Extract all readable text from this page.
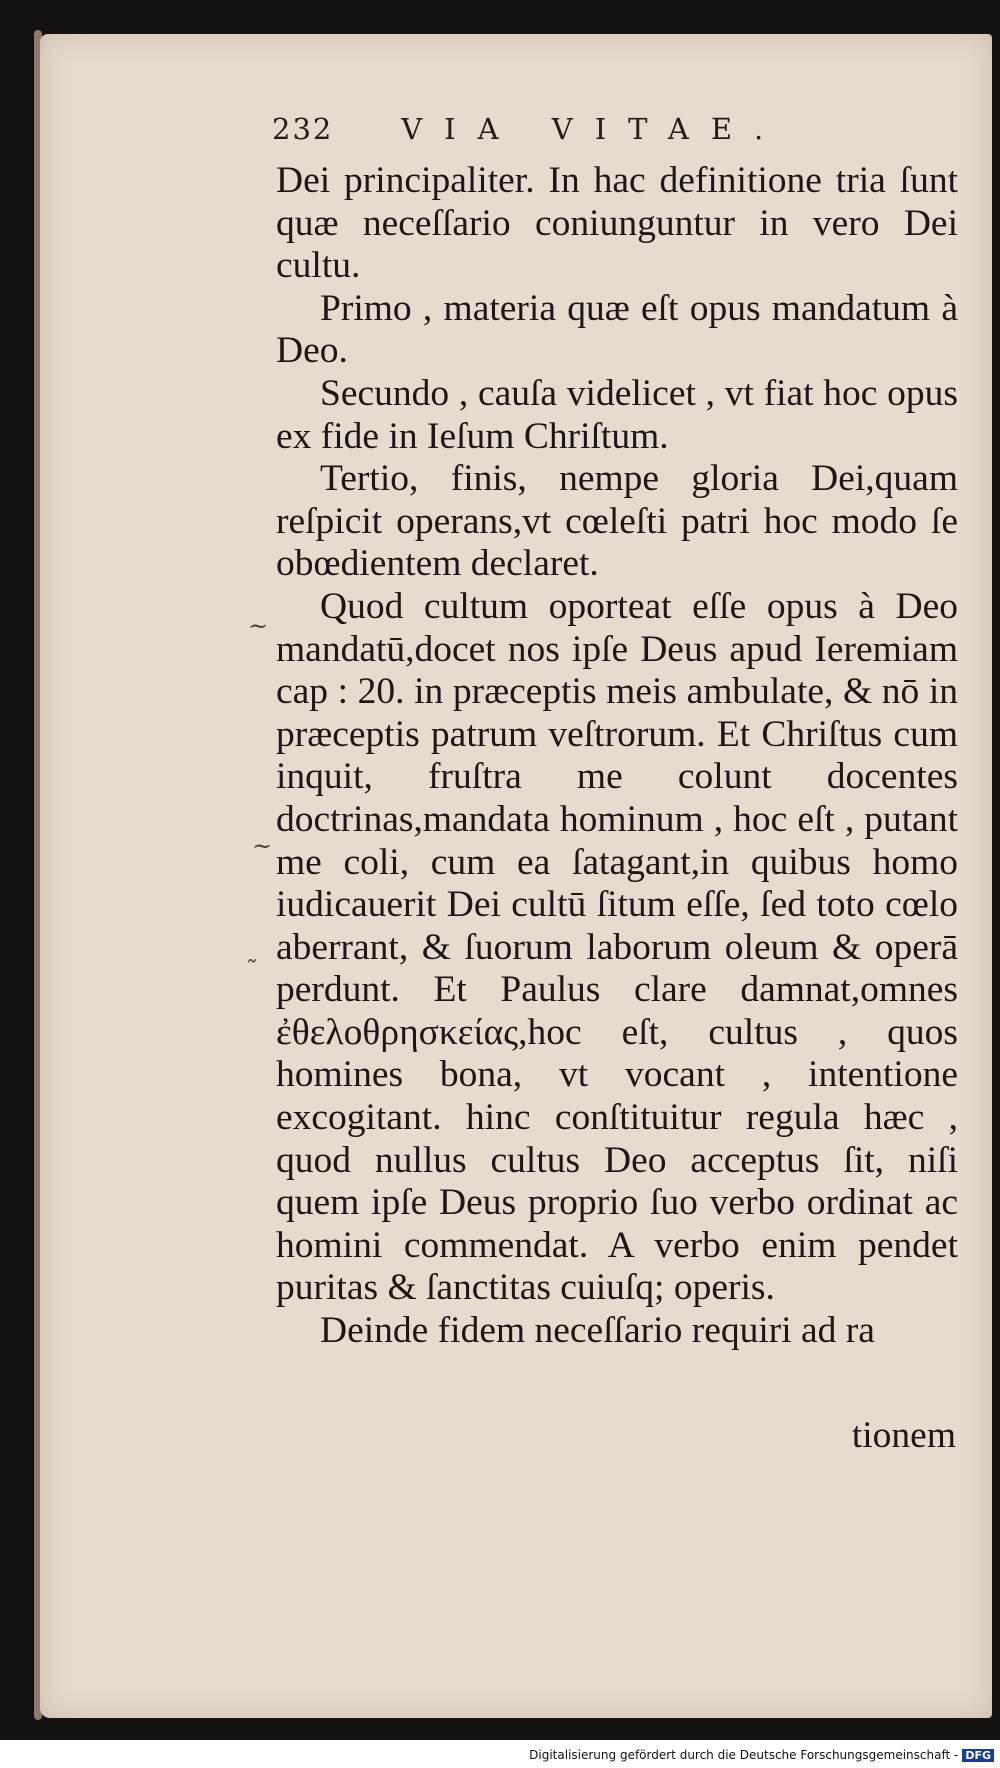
232 VIA VITAE.

Dei principaliter. In hac definitione tria ſunt quæ neceſſario coniunguntur in vero Dei cultu.

Primo , materia quæ eſt opus mandatum à Deo.

Secundo , cauſa videlicet , vt fiat hoc opus ex fide in Ieſum Chriſtum.

Tertio, finis, nempe gloria Dei,quam reſpicit operans,vt cœleſti patri hoc modo ſe obœdientem declaret.

Quod cultum oporteat eſſe opus à Deo mandatū,docet nos ipſe Deus apud Ieremiam cap : 20. in præceptis meis ambulate, & nō in præceptis patrum veſtrorum. Et Chriſtus cum inquit, fruſtra me colunt docentes doctrinas,mandata hominum , hoc eſt , putant me coli, cum ea ſatagant,in quibus homo iudicauerit Dei cultū ſitum eſſe, ſed toto cœlo aberrant, & ſuorum laborum oleum & operā perdunt. Et Paulus clare damnat,omnes ἐθελοθρησκείας,hoc eſt, cultus , quos homines bona, vt vocant , intentione excogitant. hinc conſtituitur regula hæc , quod nullus cultus Deo acceptus ſit, niſi quem ipſe Deus proprio ſuo verbo ordinat ac homini commendat. A verbo enim pendet puritas & ſanctitas cuiuſq; operis.

Deinde fidem neceſſario requiri ad ra

tionem
~
~
˜
Digitalisierung gefördert durch die Deutsche Forschungsgemeinschaft - DFG
